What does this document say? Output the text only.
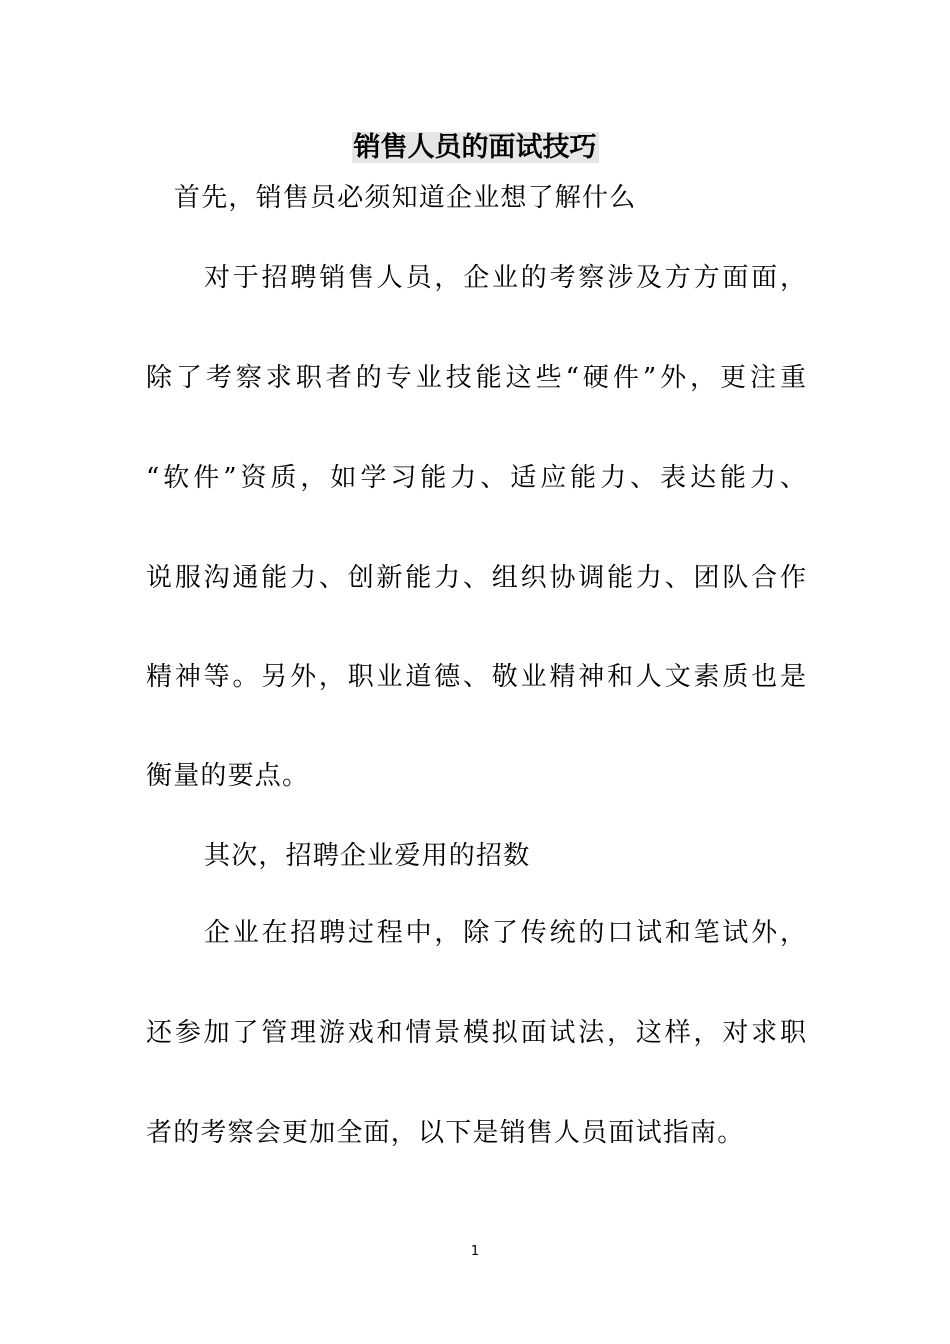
销售人员的面试技巧
首先，销售员必须知道企业想了解什么
对于招聘销售人员，企业的考察涉及方方面面，
除了考察求职者的专业技能这些“硬件”外，更注重
“软件”资质，如学习能力、适应能力、表达能力、
说服沟通能力、创新能力、组织协调能力、团队合作
精神等。另外，职业道德、敬业精神和人文素质也是
衡量的要点。
其次，招聘企业爱用的招数
企业在招聘过程中，除了传统的口试和笔试外，
还参加了管理游戏和情景模拟面试法，这样，对求职
者的考察会更加全面，以下是销售人员面试指南。
1
